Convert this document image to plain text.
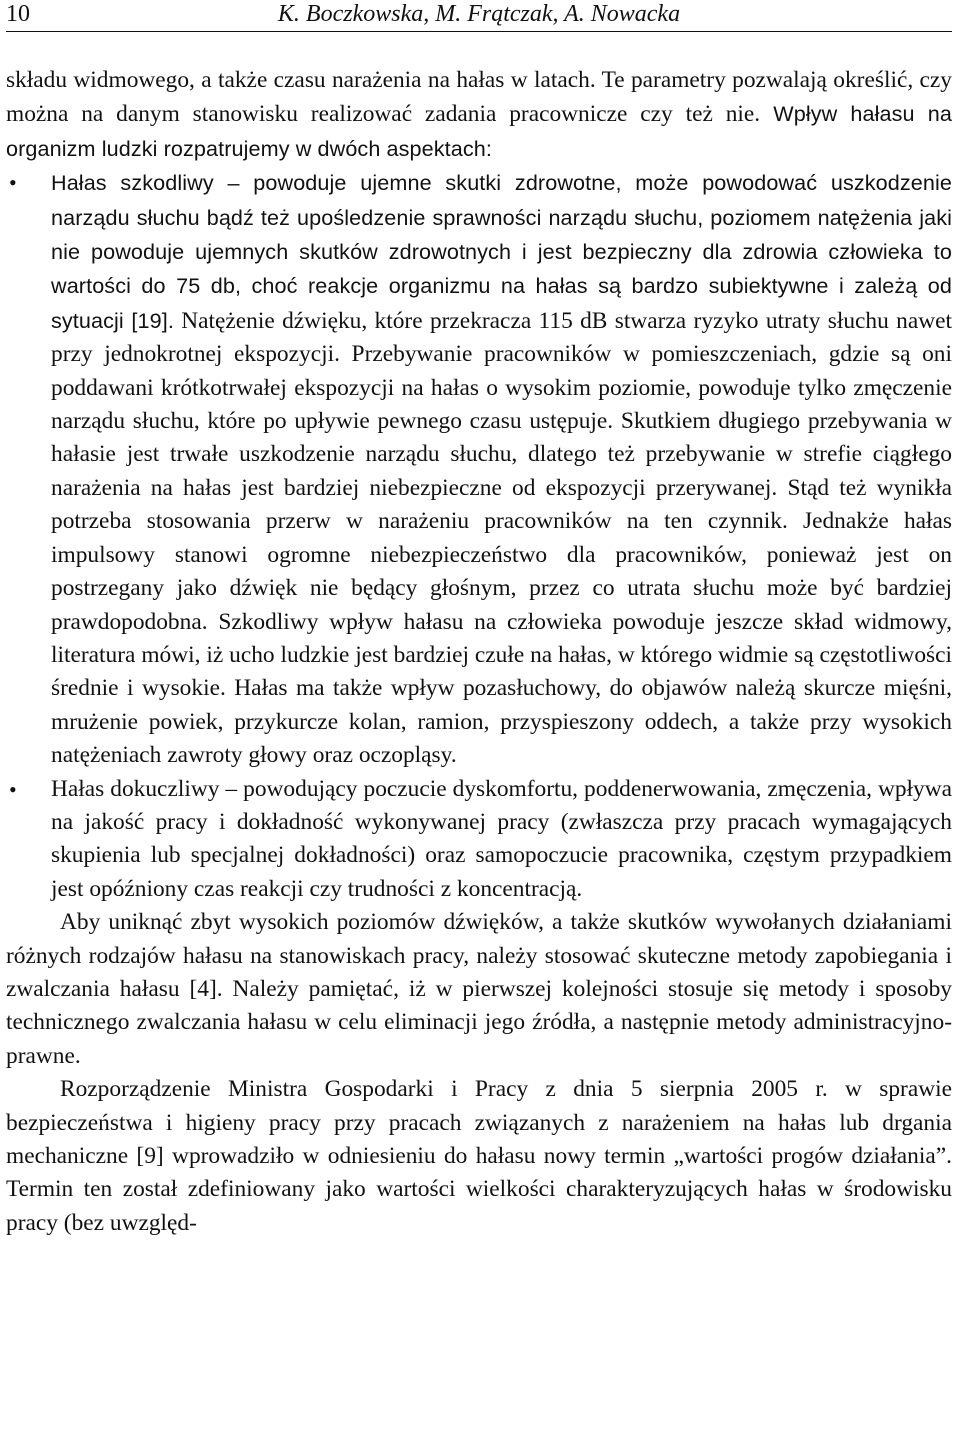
10	K. Boczkowska, M. Frątczak, A. Nowacka

składu widmowego, a także czasu narażenia na hałas w latach. Te parametry pozwalają określić, czy można na danym stanowisku realizować zadania pracownicze czy też nie. Wpływ hałasu na organizm ludzki rozpatrujemy w dwóch aspektach:

• Hałas szkodliwy – powoduje ujemne skutki zdrowotne, może powodować uszkodzenie narządu słuchu bądź też upośledzenie sprawności narządu słuchu, poziomem natężenia jaki nie powoduje ujemnych skutków zdrowotnych i jest bezpieczny dla zdrowia człowieka to wartości do 75 db, choć reakcje organizmu na hałas są bardzo subiektywne i zależą od sytuacji [19]. Natężenie dźwięku, które przekracza 115 dB stwarza ryzyko utraty słuchu nawet przy jednokrotnej ekspozycji. Przebywanie pracowników w pomieszczeniach, gdzie są oni poddawani krótkotrwałej ekspozycji na hałas o wysokim poziomie, powoduje tylko zmęczenie narządu słuchu, które po upływie pewnego czasu ustępuje. Skutkiem długiego przebywania w hałasie jest trwałe uszkodzenie narządu słuchu, dlatego też przebywanie w strefie ciągłego narażenia na hałas jest bardziej niebezpieczne od ekspozycji przerywanej. Stąd też wynikła potrzeba stosowania przerw w narażeniu pracowników na ten czynnik. Jednakże hałas impulsowy stanowi ogromne niebezpieczeństwo dla pracowników, ponieważ jest on postrzegany jako dźwięk nie będący głośnym, przez co utrata słuchu może być bardziej prawdopodobna. Szkodliwy wpływ hałasu na człowieka powoduje jeszcze skład widmowy, literatura mówi, iż ucho ludzkie jest bardziej czułe na hałas, w którego widmie są częstotliwości średnie i wysokie. Hałas ma także wpływ pozasłuchowy, do objawów należą skurcze mięśni, mrużenie powiek, przykurcze kolan, ramion, przyspieszony oddech, a także przy wysokich natężeniach zawroty głowy oraz oczopląsy.
• Hałas dokuczliwy – powodujący poczucie dyskomfortu, poddenerwowania, zmęczenia, wpływa na jakość pracy i dokładność wykonywanej pracy (zwłaszcza przy pracach wymagających skupienia lub specjalnej dokładności) oraz samopoczucie pracownika, częstym przypadkiem jest opóźniony czas reakcji czy trudności z koncentracją.

Aby uniknąć zbyt wysokich poziomów dźwięków, a także skutków wywołanych działaniami różnych rodzajów hałasu na stanowiskach pracy, należy stosować skuteczne metody zapobiegania i zwalczania hałasu [4]. Należy pamiętać, iż w pierwszej kolejności stosuje się metody i sposoby technicznego zwalczania hałasu w celu eliminacji jego źródła, a następnie metody administracyjno-prawne.

Rozporządzenie Ministra Gospodarki i Pracy z dnia 5 sierpnia 2005 r. w sprawie bezpieczeństwa i higieny pracy przy pracach związanych z narażeniem na hałas lub drgania mechaniczne [9] wprowadziło w odniesieniu do hałasu nowy termin „wartości progów działania”. Termin ten został zdefiniowany jako wartości wielkości charakteryzujących hałas w środowisku pracy (bez uwzględ-
